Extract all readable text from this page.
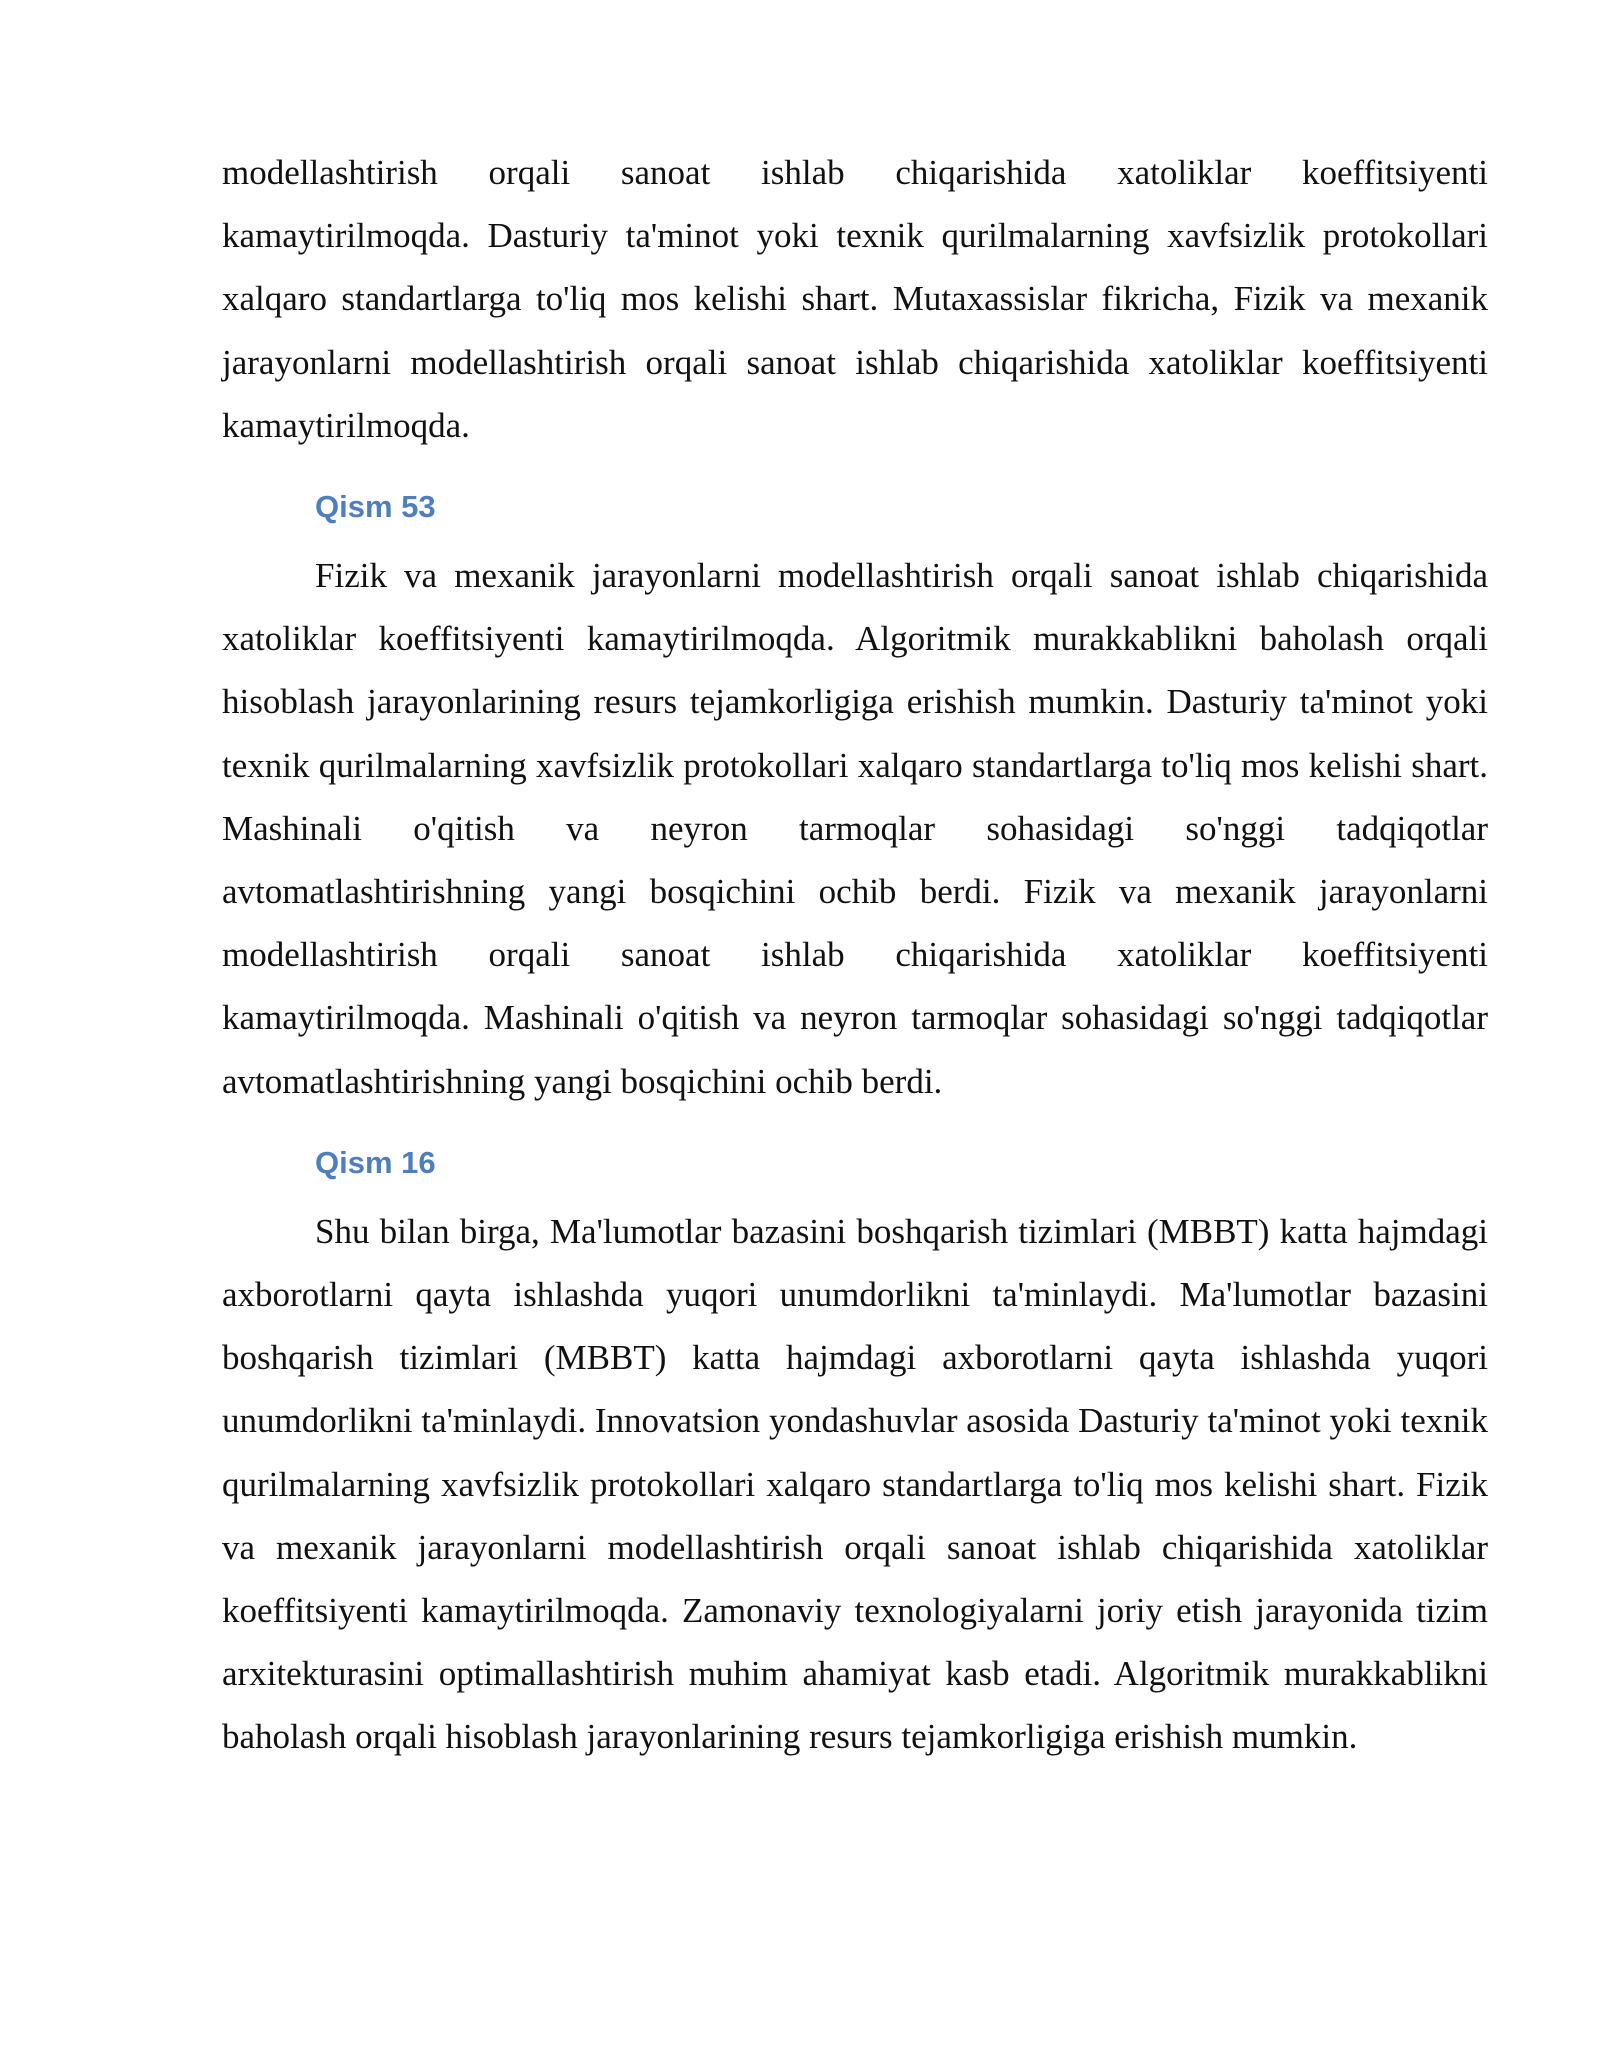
modellashtirish orqali sanoat ishlab chiqarishida xatoliklar koeffitsiyenti kamaytirilmoqda. Dasturiy ta'minot yoki texnik qurilmalarning xavfsizlik protokollari xalqaro standartlarga to'liq mos kelishi shart. Mutaxassislar fikricha, Fizik va mexanik jarayonlarni modellashtirish orqali sanoat ishlab chiqarishida xatoliklar koeffitsiyenti kamaytirilmoqda.

Qism 53

Fizik va mexanik jarayonlarni modellashtirish orqali sanoat ishlab chiqarishida xatoliklar koeffitsiyenti kamaytirilmoqda. Algoritmik murakkablikni baholash orqali hisoblash jarayonlarining resurs tejamkorligiga erishish mumkin. Dasturiy ta'minot yoki texnik qurilmalarning xavfsizlik protokollari xalqaro standartlarga to'liq mos kelishi shart. Mashinali o'qitish va neyron tarmoqlar sohasidagi so'nggi tadqiqotlar avtomatlashtirishning yangi bosqichini ochib berdi. Fizik va mexanik jarayonlarni modellashtirish orqali sanoat ishlab chiqarishida xatoliklar koeffitsiyenti kamaytirilmoqda. Mashinali o'qitish va neyron tarmoqlar sohasidagi so'nggi tadqiqotlar avtomatlashtirishning yangi bosqichini ochib berdi.

Qism 16

Shu bilan birga, Ma'lumotlar bazasini boshqarish tizimlari (MBBT) katta hajmdagi axborotlarni qayta ishlashda yuqori unumdorlikni ta'minlaydi. Ma'lumotlar bazasini boshqarish tizimlari (MBBT) katta hajmdagi axborotlarni qayta ishlashda yuqori unumdorlikni ta'minlaydi. Innovatsion yondashuvlar asosida Dasturiy ta'minot yoki texnik qurilmalarning xavfsizlik protokollari xalqaro standartlarga to'liq mos kelishi shart. Fizik va mexanik jarayonlarni modellashtirish orqali sanoat ishlab chiqarishida xatoliklar koeffitsiyenti kamaytirilmoqda. Zamonaviy texnologiyalarni joriy etish jarayonida tizim arxitekturasini optimallashtirish muhim ahamiyat kasb etadi. Algoritmik murakkablikni baholash orqali hisoblash jarayonlarining resurs tejamkorligiga erishish mumkin.
